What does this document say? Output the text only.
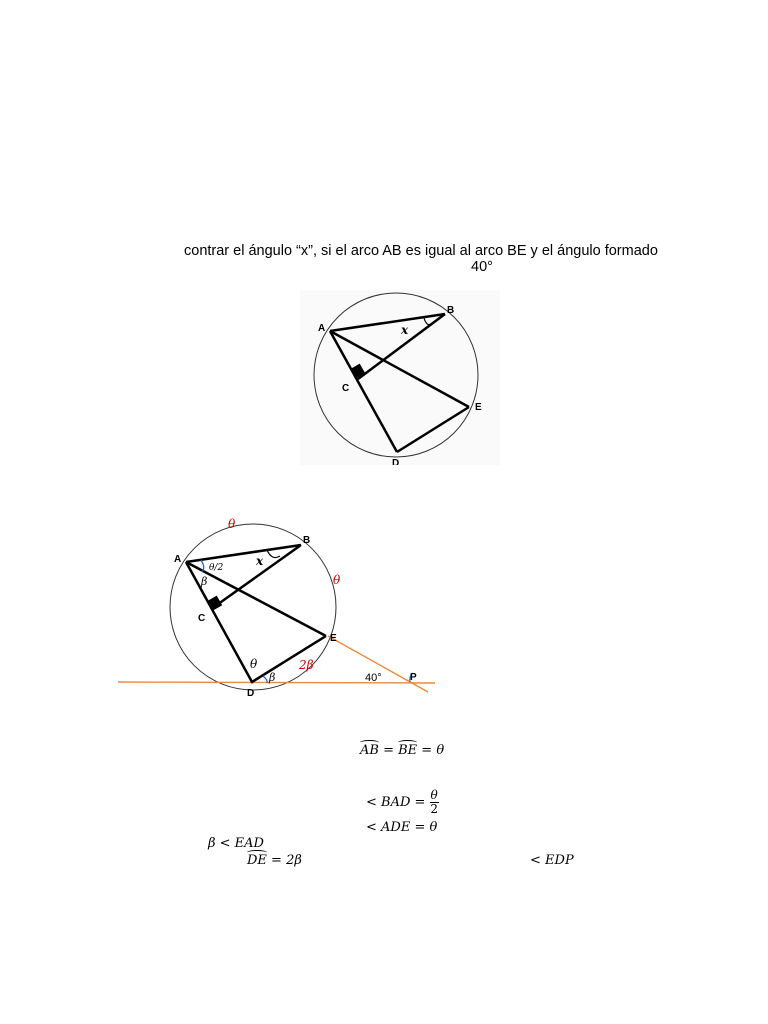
contrar el ángulo “x”, si el arco AB es igual al arco BE y el ángulo formado
40°
x
A
B
C
D
E
x
θ/2
β
θ
θ
θ
β
2β
40°
A
B
C
D
E
P
AB = BE = θ
< BAD = $\frac{\theta}{2}$
< ADE = θ
β < EAD
DE = 2β	< EDP
